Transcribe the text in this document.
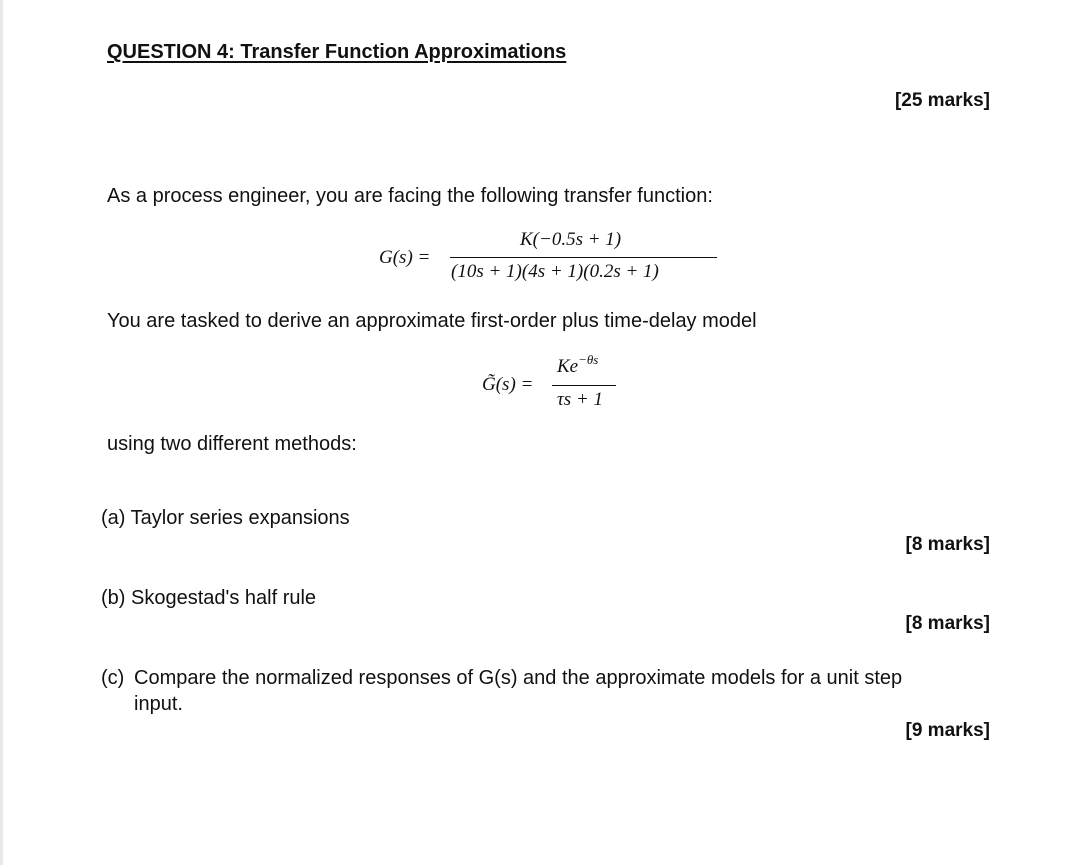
QUESTION 4: Transfer Function Approximations
[25 marks]
As a process engineer, you are facing the following transfer function:
G(s) =
K(−0.5s + 1)
(10s + 1)(4s + 1)(0.2s + 1)
You are tasked to derive an approximate first-order plus time-delay model
G̃(s) =
$Ke^{-\theta s}$
τs + 1
using two different methods:
(a) Taylor series expansions
[8 marks]
(b) Skogestad's half rule
[8 marks]
(c) Compare the normalized responses of G(s) and the approximate models for a unit step
input.
[9 marks]
